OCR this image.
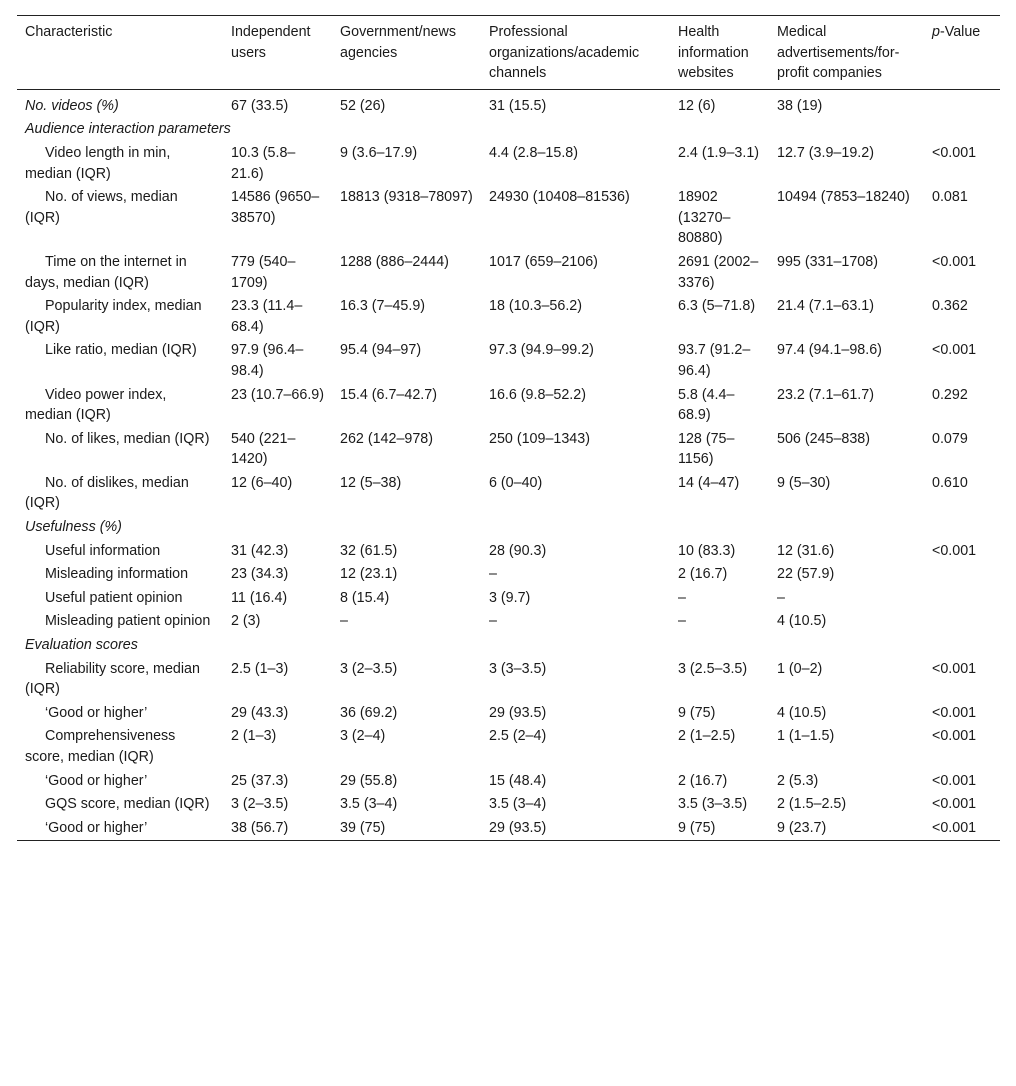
Characteristic	Independent users	Government/news agencies	Professional organizations/academic channels	Health information websites	Medical advertisements/for-profit companies	p-Value
No. videos (%)	67 (33.5)	52 (26)	31 (15.5)	12 (6)	38 (19)	
Audience interaction parameters						
Video length in min, median (IQR)	10.3 (5.8–21.6)	9 (3.6–17.9)	4.4 (2.8–15.8)	2.4 (1.9–3.1)	12.7 (3.9–19.2)	<0.001
No. of views, median (IQR)	14586 (9650–38570)	18813 (9318–78097)	24930 (10408–81536)	18902 (13270–80880)	10494 (7853–18240)	0.081
Time on the internet in days, median (IQR)	779 (540–1709)	1288 (886–2444)	1017 (659–2106)	2691 (2002–3376)	995 (331–1708)	<0.001
Popularity index, median (IQR)	23.3 (11.4–68.4)	16.3 (7–45.9)	18 (10.3–56.2)	6.3 (5–71.8)	21.4 (7.1–63.1)	0.362
Like ratio, median (IQR)	97.9 (96.4–98.4)	95.4 (94–97)	97.3 (94.9–99.2)	93.7 (91.2–96.4)	97.4 (94.1–98.6)	<0.001
Video power index, median (IQR)	23 (10.7–66.9)	15.4 (6.7–42.7)	16.6 (9.8–52.2)	5.8 (4.4–68.9)	23.2 (7.1–61.7)	0.292
No. of likes, median (IQR)	540 (221–1420)	262 (142–978)	250 (109–1343)	128 (75–1156)	506 (245–838)	0.079
No. of dislikes, median (IQR)	12 (6–40)	12 (5–38)	6 (0–40)	14 (4–47)	9 (5–30)	0.610
Usefulness (%)						
Useful information	31 (42.3)	32 (61.5)	28 (90.3)	10 (83.3)	12 (31.6)	<0.001
Misleading information	23 (34.3)	12 (23.1)	–	2 (16.7)	22 (57.9)	
Useful patient opinion	11 (16.4)	8 (15.4)	3 (9.7)	–	–	
Misleading patient opinion	2 (3)	–	–	–	4 (10.5)	
Evaluation scores						
Reliability score, median (IQR)	2.5 (1–3)	3 (2–3.5)	3 (3–3.5)	3 (2.5–3.5)	1 (0–2)	<0.001
‘Good or higher’	29 (43.3)	36 (69.2)	29 (93.5)	9 (75)	4 (10.5)	<0.001
Comprehensiveness score, median (IQR)	2 (1–3)	3 (2–4)	2.5 (2–4)	2 (1–2.5)	1 (1–1.5)	<0.001
‘Good or higher’	25 (37.3)	29 (55.8)	15 (48.4)	2 (16.7)	2 (5.3)	<0.001
GQS score, median (IQR)	3 (2–3.5)	3.5 (3–4)	3.5 (3–4)	3.5 (3–3.5)	2 (1.5–2.5)	<0.001
‘Good or higher’	38 (56.7)	39 (75)	29 (93.5)	9 (75)	9 (23.7)	<0.001
